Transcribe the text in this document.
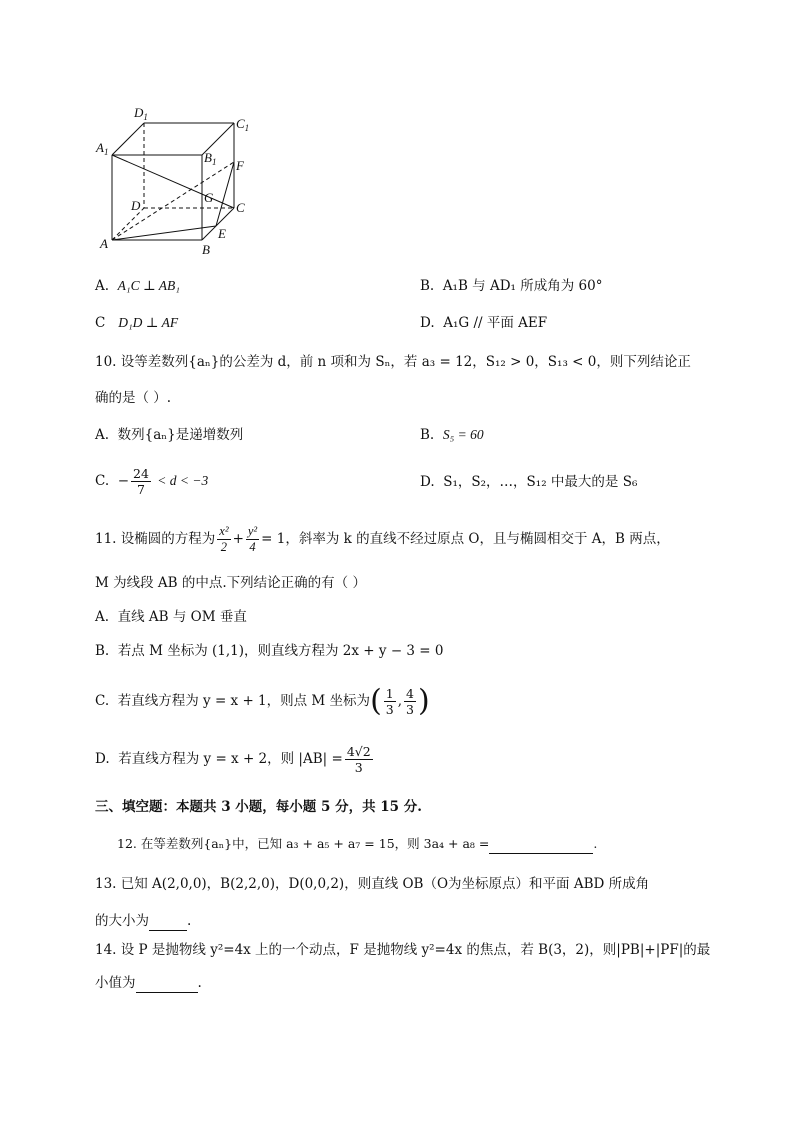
$D_1$	$C_1$
$A_1$	$B_1$ F
G
D	C
A	B
E
A. A₁C ⊥ AB₁	B. A₁B 与 AD₁ 所成角为 60°
C D₁D ⊥ AF	D. A₁G // 平面 AEF
10. 设等差数列{aₙ}的公差为 d，前 n 项和为 Sₙ，若 a₃ = 12，S₁₂ > 0，S₁₃ < 0，则下列结论正
确的是（ ）.
A. 数列{aₙ}是递增数列	B. S₅ = 60
C. − $\frac{24}{7} < d < -3$	D. S₁，S₂，…，S₁₂ 中最大的是 S₆
11. 设椭圆的方程为 $\frac{\text{x²}}{2} + \frac{\text{y²}}{4} = 1$，斜率为 k 的直线不经过原点 O，且与椭圆相交于 A，B 两点，
M 为线段 AB 的中点.下列结论正确的有（ ）
A. 直线 AB 与 OM 垂直
B. 若点 M 坐标为 (1,1)，则直线方程为 2x + y − 3 = 0
C. 若直线方程为 y = x + 1，则点 M 坐标为( $\frac{1}{3}$ , $\frac{4}{3}$ )
D. 若直线方程为 y = x + 2，则 $|AB| = \frac{4√2}{3}$
三、填空题：本题共 3 小题，每小题 5 分，共 15 分.
12. 在等差数列{aₙ}中，已知 a₃ + a₅ + a₇ = 15，则 3a₄ + a₈ =	.
13. 已知 A(2,0,0)，B(2,2,0)，D(0,0,2)，则直线 OB（O为坐标原点）和平面 ABD 所成角
的大小为	.
14. 设 P 是抛物线 y²=4x 上的一个动点，F 是抛物线 y²=4x 的焦点，若 B(3，2)，则|PB|+|PF|的最
小值为	.
